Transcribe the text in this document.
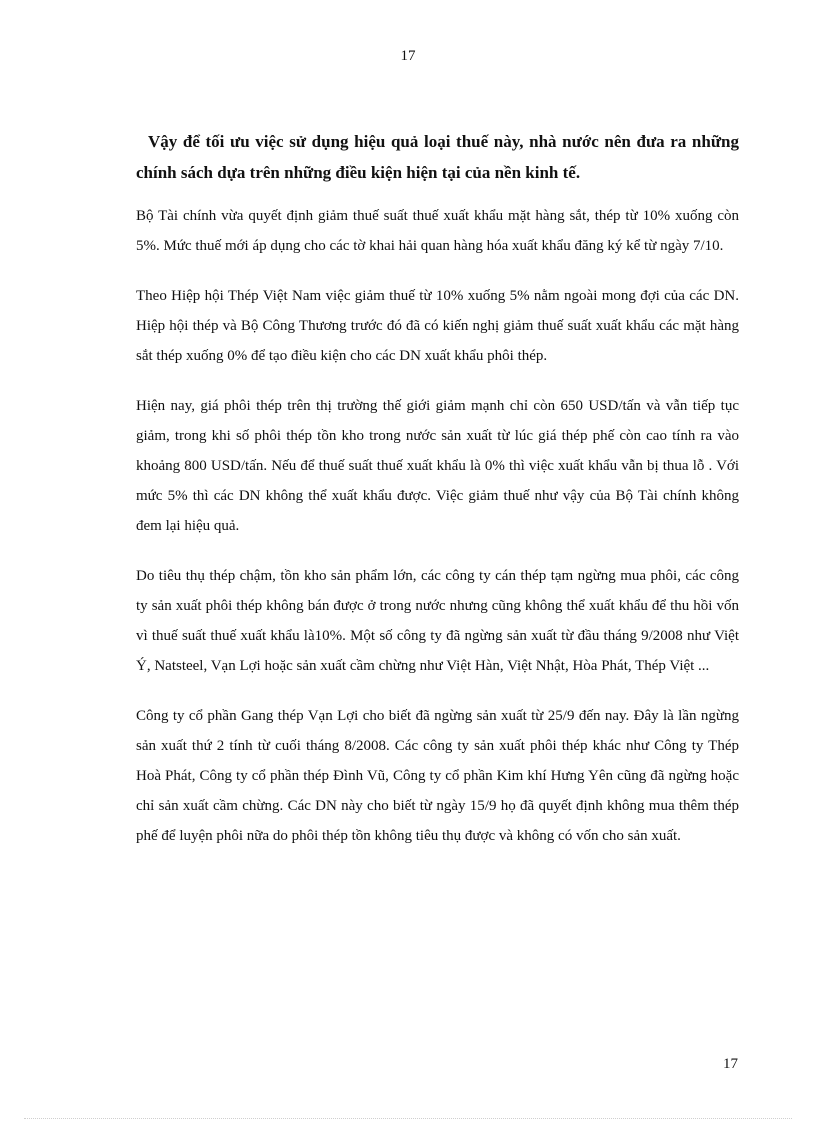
17

Vậy để tối ưu việc sử dụng hiệu quả loại thuế này, nhà nước nên đưa ra những chính sách dựa trên những điều kiện hiện tại của nền kinh tế.

Bộ Tài chính vừa quyết định giảm thuế suất thuế xuất khẩu mặt hàng sắt, thép từ 10% xuống còn 5%. Mức thuế mới áp dụng cho các tờ khai hải quan hàng hóa xuất khẩu đăng ký kể từ ngày 7/10.

Theo Hiệp hội Thép Việt Nam việc giảm thuế từ 10% xuống 5% nằm ngoài mong đợi của các DN. Hiệp hội thép và Bộ Công Thương trước đó đã có kiến nghị giảm thuế suất xuất khẩu các mặt hàng sắt thép xuống 0% để tạo điều kiện cho các DN xuất khẩu phôi thép.

Hiện nay, giá phôi thép trên thị trường thế giới giảm mạnh chỉ còn 650 USD/tấn và vẫn tiếp tục giảm, trong khi số phôi thép tồn kho trong nước sản xuất từ lúc giá thép phế còn cao tính ra vào khoảng 800 USD/tấn. Nếu để thuế suất thuế xuất khẩu là 0% thì việc xuất khẩu vẫn bị thua lỗ . Với mức 5% thì các DN không thể xuất khẩu được. Việc giảm thuế như vậy của Bộ Tài chính không đem lại hiệu quả.

Do tiêu thụ thép chậm, tồn kho sản phẩm lớn, các công ty cán thép tạm ngừng mua phôi, các công ty sản xuất phôi thép không bán được ở trong nước nhưng cũng không thể xuất khẩu để thu hồi vốn vì thuế suất thuế xuất khẩu là10%. Một số công ty đã ngừng sản xuất từ đầu tháng 9/2008 như Việt Ý, Natsteel, Vạn Lợi hoặc sản xuất cầm chừng như Việt Hàn, Việt Nhật, Hòa Phát, Thép Việt ...

Công ty cổ phần Gang thép Vạn Lợi cho biết đã ngừng sản xuất từ 25/9 đến nay. Đây là lần ngừng sản xuất thứ 2 tính từ cuối tháng 8/2008. Các công ty sản xuất phôi thép khác như Công ty Thép Hoà Phát, Công ty cổ phần thép Đình Vũ, Công ty cổ phần Kim khí Hưng Yên cũng đã ngừng hoặc chỉ sản xuất cầm chừng. Các DN này cho biết từ ngày 15/9 họ đã quyết định không mua thêm thép phế để luyện phôi nữa do phôi thép tồn không tiêu thụ được và không có vốn cho sản xuất.

17
